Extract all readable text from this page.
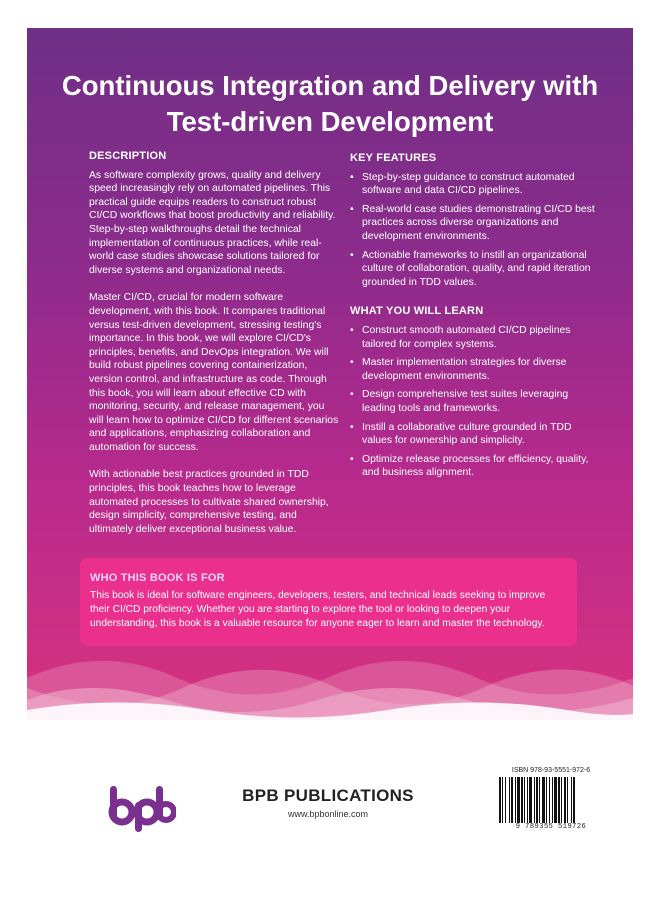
Continuous Integration and Delivery with Test-driven Development
DESCRIPTION

As software complexity grows, quality and delivery speed increasingly rely on automated pipelines. This practical guide equips readers to construct robust CI/CD workflows that boost productivity and reliability. Step-by-step walkthroughs detail the technical implementation of continuous practices, while real-world case studies showcase solutions tailored for diverse systems and organizational needs.

Master CI/CD, crucial for modern software development, with this book. It compares traditional versus test-driven development, stressing testing's importance. In this book, we will explore CI/CD's principles, benefits, and DevOps integration. We will build robust pipelines covering containerization, version control, and infrastructure as code. Through this book, you will learn about effective CD with monitoring, security, and release management, you will learn how to optimize CI/CD for different scenarios and applications, emphasizing collaboration and automation for success.

With actionable best practices grounded in TDD principles, this book teaches how to leverage automated processes to cultivate shared ownership, design simplicity, comprehensive testing, and ultimately deliver exceptional business value.

KEY FEATURES
• Step-by-step guidance to construct automated software and data CI/CD pipelines.
• Real-world case studies demonstrating CI/CD best practices across diverse organizations and development environments.
• Actionable frameworks to instill an organizational culture of collaboration, quality, and rapid iteration grounded in TDD values.
WHAT YOU WILL LEARN
• Construct smooth automated CI/CD pipelines tailored for complex systems.
• Master implementation strategies for diverse development environments.
• Design comprehensive test suites leveraging leading tools and frameworks.
• Instill a collaborative culture grounded in TDD values for ownership and simplicity.
• Optimize release processes for efficiency, quality, and business alignment.
WHO THIS BOOK IS FOR
This book is ideal for software engineers, developers, testers, and technical leads seeking to improve their CI/CD proficiency. Whether you are starting to explore the tool or looking to deepen your understanding, this book is a valuable resource for anyone eager to learn and master the technology.
BPB PUBLICATIONS
www.bpbonline.com
ISBN 978-93-5551-972-6
9 789355 519726
